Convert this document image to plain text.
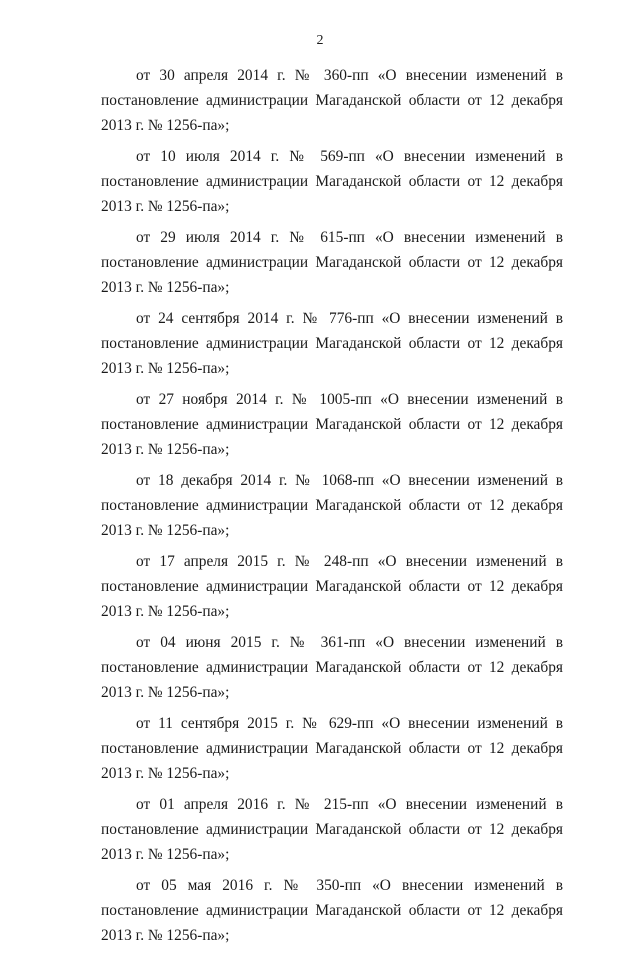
2

от 30 апреля 2014 г. № 360-пп «О внесении изменений в постановление администрации Магаданской области от 12 декабря 2013 г. № 1256-па»;

от 10 июля 2014 г. № 569-пп «О внесении изменений в постановление администрации Магаданской области от 12 декабря 2013 г. № 1256-па»;

от 29 июля 2014 г. № 615-пп «О внесении изменений в постановление администрации Магаданской области от 12 декабря 2013 г. № 1256-па»;

от 24 сентября 2014 г. № 776-пп «О внесении изменений в постановление администрации Магаданской области от 12 декабря 2013 г. № 1256-па»;

от 27 ноября 2014 г. № 1005-пп «О внесении изменений в постановление администрации Магаданской области от 12 декабря 2013 г. № 1256-па»;

от 18 декабря 2014 г. № 1068-пп «О внесении изменений в постановление администрации Магаданской области от 12 декабря 2013 г. № 1256-па»;

от 17 апреля 2015 г. № 248-пп «О внесении изменений в постановление администрации Магаданской области от 12 декабря 2013 г. № 1256-па»;

от 04 июня 2015 г. № 361-пп «О внесении изменений в постановление администрации Магаданской области от 12 декабря 2013 г. № 1256-па»;

от 11 сентября 2015 г. № 629-пп «О внесении изменений в постановление администрации Магаданской области от 12 декабря 2013 г. № 1256-па»;

от 01 апреля 2016 г. № 215-пп «О внесении изменений в постановление администрации Магаданской области от 12 декабря 2013 г. № 1256-па»;

от 05 мая 2016 г. № 350-пп «О внесении изменений в постановление администрации Магаданской области от 12 декабря 2013 г. № 1256-па»;
